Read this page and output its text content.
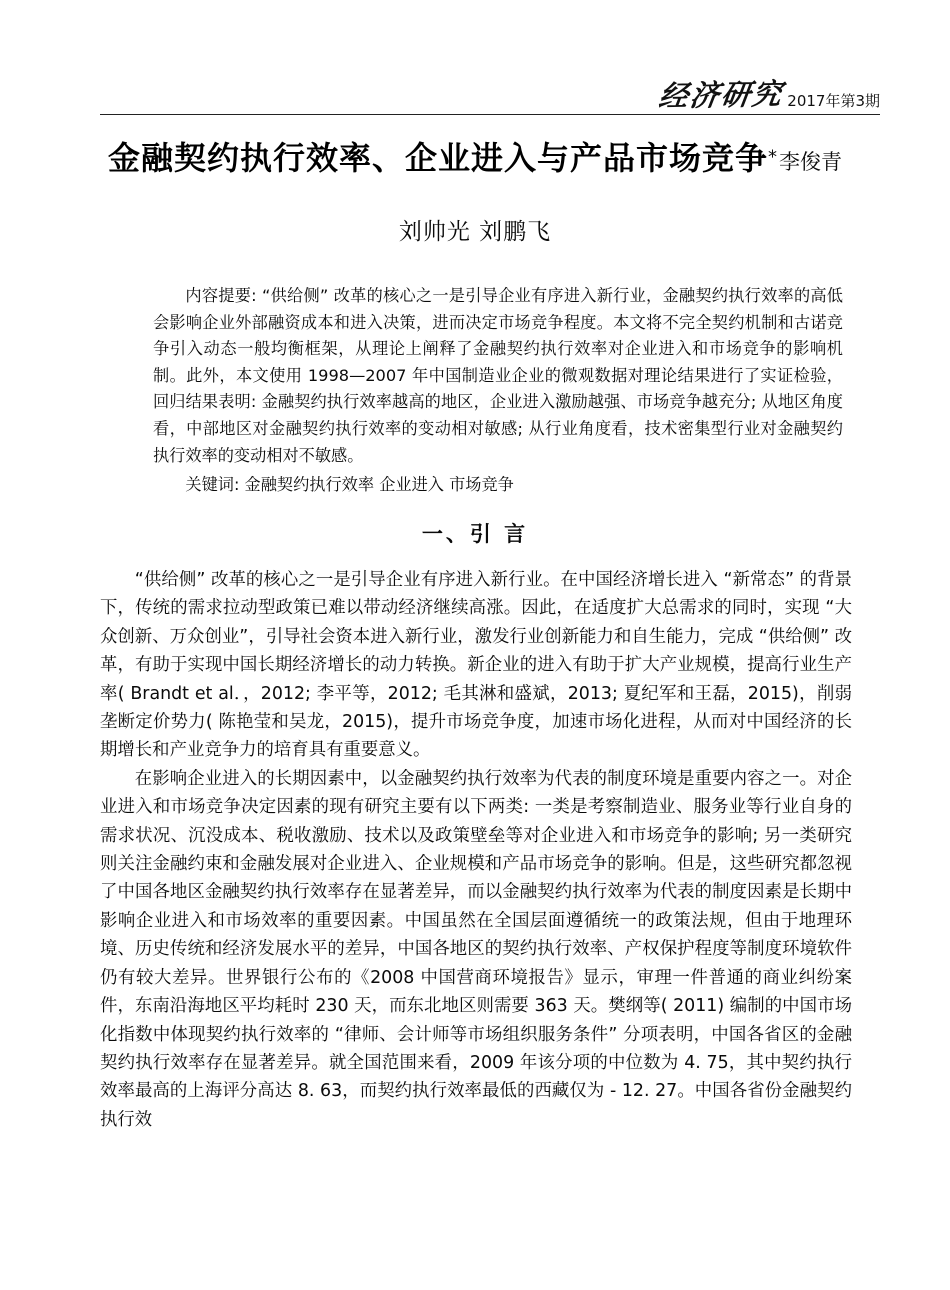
经济研究 2017年第3期
金融契约执行效率、企业进入与产品市场竞争*李俊青
刘帅光 刘鹏飞

内容提要: “供给侧” 改革的核心之一是引导企业有序进入新行业，金融契约执行效率的高低会影响企业外部融资成本和进入决策，进而决定市场竞争程度。本文将不完全契约机制和古诺竞争引入动态一般均衡框架，从理论上阐释了金融契约执行效率对企业进入和市场竞争的影响机制。此外，本文使用 1998—2007 年中国制造业企业的微观数据对理论结果进行了实证检验，回归结果表明: 金融契约执行效率越高的地区，企业进入激励越强、市场竞争越充分; 从地区角度看，中部地区对金融契约执行效率的变动相对敏感; 从行业角度看，技术密集型行业对金融契约执行效率的变动相对不敏感。

关键词: 金融契约执行效率 企业进入 市场竞争

一、引 言

“供给侧” 改革的核心之一是引导企业有序进入新行业。在中国经济增长进入 “新常态” 的背景下，传统的需求拉动型政策已难以带动经济继续高涨。因此，在适度扩大总需求的同时，实现 “大众创新、万众创业”，引导社会资本进入新行业，激发行业创新能力和自生能力，完成 “供给侧” 改革，有助于实现中国长期经济增长的动力转换。新企业的进入有助于扩大产业规模，提高行业生产率( Brandt et al．，2012; 李平等，2012; 毛其淋和盛斌，2013; 夏纪军和王磊，2015)，削弱垄断定价势力( 陈艳莹和吴龙，2015)，提升市场竞争度，加速市场化进程，从而对中国经济的长期增长和产业竞争力的培育具有重要意义。

在影响企业进入的长期因素中，以金融契约执行效率为代表的制度环境是重要内容之一。对企业进入和市场竞争决定因素的现有研究主要有以下两类: 一类是考察制造业、服务业等行业自身的需求状况、沉没成本、税收激励、技术以及政策壁垒等对企业进入和市场竞争的影响; 另一类研究则关注金融约束和金融发展对企业进入、企业规模和产品市场竞争的影响。但是，这些研究都忽视了中国各地区金融契约执行效率存在显著差异，而以金融契约执行效率为代表的制度因素是长期中影响企业进入和市场效率的重要因素。中国虽然在全国层面遵循统一的政策法规，但由于地理环境、历史传统和经济发展水平的差异，中国各地区的契约执行效率、产权保护程度等制度环境软件仍有较大差异。世界银行公布的《2008 中国营商环境报告》显示，审理一件普通的商业纠纷案件，东南沿海地区平均耗时 230 天，而东北地区则需要 363 天。樊纲等( 2011) 编制的中国市场化指数中体现契约执行效率的 “律师、会计师等市场组织服务条件” 分项表明，中国各省区的金融契约执行效率存在显著差异。就全国范围来看，2009 年该分项的中位数为 4. 75，其中契约执行效率最高的上海评分高达 8. 63，而契约执行效率最低的西藏仅为 ‑ 12. 27。中国各省份金融契约执行效
